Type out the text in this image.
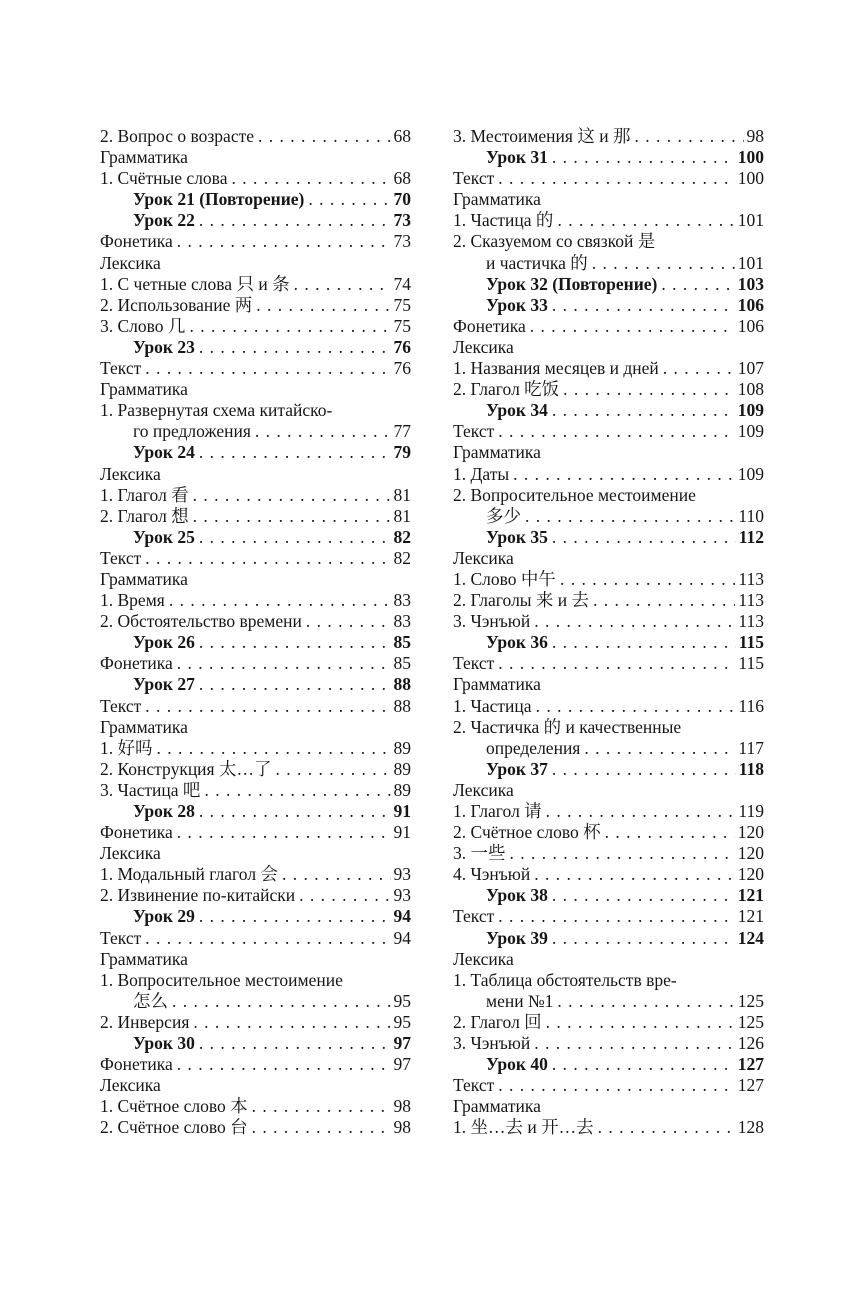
2. Вопрос о возрасте . . .	68
Грамматика
1. Счётные слова . . .	68
Урок 21 (Повторение) . . .	70
Урок 22 . . .	73
Фонетика . . .	73
Лексика
1. С четные слова 只 и 条 . . .	74
2. Использование 两 . . .	75
3. Слово 几 . . .	75
Урок 23 . . .	76
Текст . . .	76
Грамматика
1. Развернутая схема китайско-
го предложения . . .	77
Урок 24 . . .	79
Лексика
1. Глагол 看 . . .	81
2. Глагол 想 . . .	81
Урок 25 . . .	82
Текст . . .	82
Грамматика
1. Время . . .	83
2. Обстоятельство времени . . .	83
Урок 26 . . .	85
Фонетика . . .	85
Урок 27 . . .	88
Текст . . .	88
Грамматика
1. 好吗 . . .	89
2. Конструкция 太…了 . . .	89
3. Частица 吧 . . .	89
Урок 28 . . .	91
Фонетика . . .	91
Лексика
1. Модальный глагол 会 . . .	93
2. Извинение по-китайски . . .	93
Урок 29 . . .	94
Текст . . .	94
Грамматика
1. Вопросительное местоимение
怎么 . . .	95
2. Инверсия . . .	95
Урок 30 . . .	97
Фонетика . . .	97
Лексика
1. Счётное слово 本 . . .	98
2. Счётное слово 台 . . .	98
3. Местоимения 这 и 那 . . .	98
Урок 31 . . .	100
Текст . . .	100
Грамматика
1. Частица 的 . . .	101
2. Сказуемом со связкой 是
и частичка 的 . . .	101
Урок 32 (Повторение) . . .	103
Урок 33 . . .	106
Фонетика . . .	106
Лексика
1. Названия месяцев и дней . . .	107
2. Глагол 吃饭 . . .	108
Урок 34 . . .	109
Текст . . .	109
Грамматика
1. Даты . . .	109
2. Вопросительное местоимение
多少 . . .	110
Урок 35 . . .	112
Лексика
1. Слово 中午 . . .	113
2. Глаголы 来 и 去 . . .	113
3. Чэнъюй . . .	113
Урок 36 . . .	115
Текст . . .	115
Грамматика
1. Частица . . .	116
2. Частичка 的 и качественные
определения . . .	117
Урок 37 . . .	118
Лексика
1. Глагол 请 . . .	119
2. Счётное слово 杯 . . .	120
3. 一些 . . .	120
4. Чэнъюй . . .	120
Урок 38 . . .	121
Текст . . .	121
Урок 39 . . .	124
Лексика
1. Таблица обстоятельств вре-
мени №1 . . .	125
2. Глагол 回 . . .	125
3. Чэнъюй . . .	126
Урок 40 . . .	127
Текст . . .	127
Грамматика
1. 坐…去 и 开…去 . . .	128
